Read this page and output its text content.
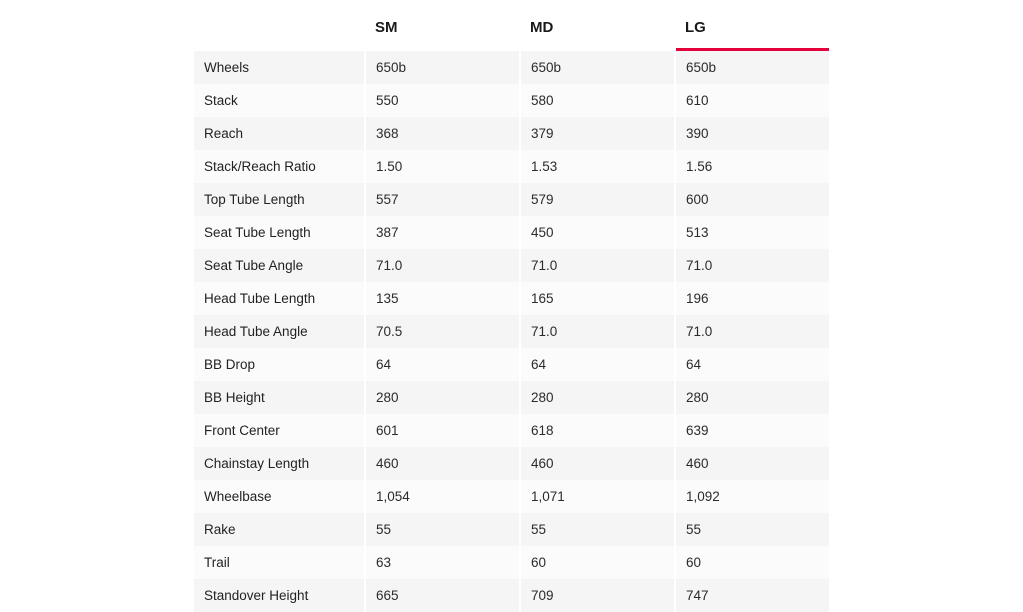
	SM	MD	LG
Wheels	650b	650b	650b
Stack	550	580	610
Reach	368	379	390
Stack/Reach Ratio	1.50	1.53	1.56
Top Tube Length	557	579	600
Seat Tube Length	387	450	513
Seat Tube Angle	71.0	71.0	71.0
Head Tube Length	135	165	196
Head Tube Angle	70.5	71.0	71.0
BB Drop	64	64	64
BB Height	280	280	280
Front Center	601	618	639
Chainstay Length	460	460	460
Wheelbase	1,054	1,071	1,092
Rake	55	55	55
Trail	63	60	60
Standover Height	665	709	747
